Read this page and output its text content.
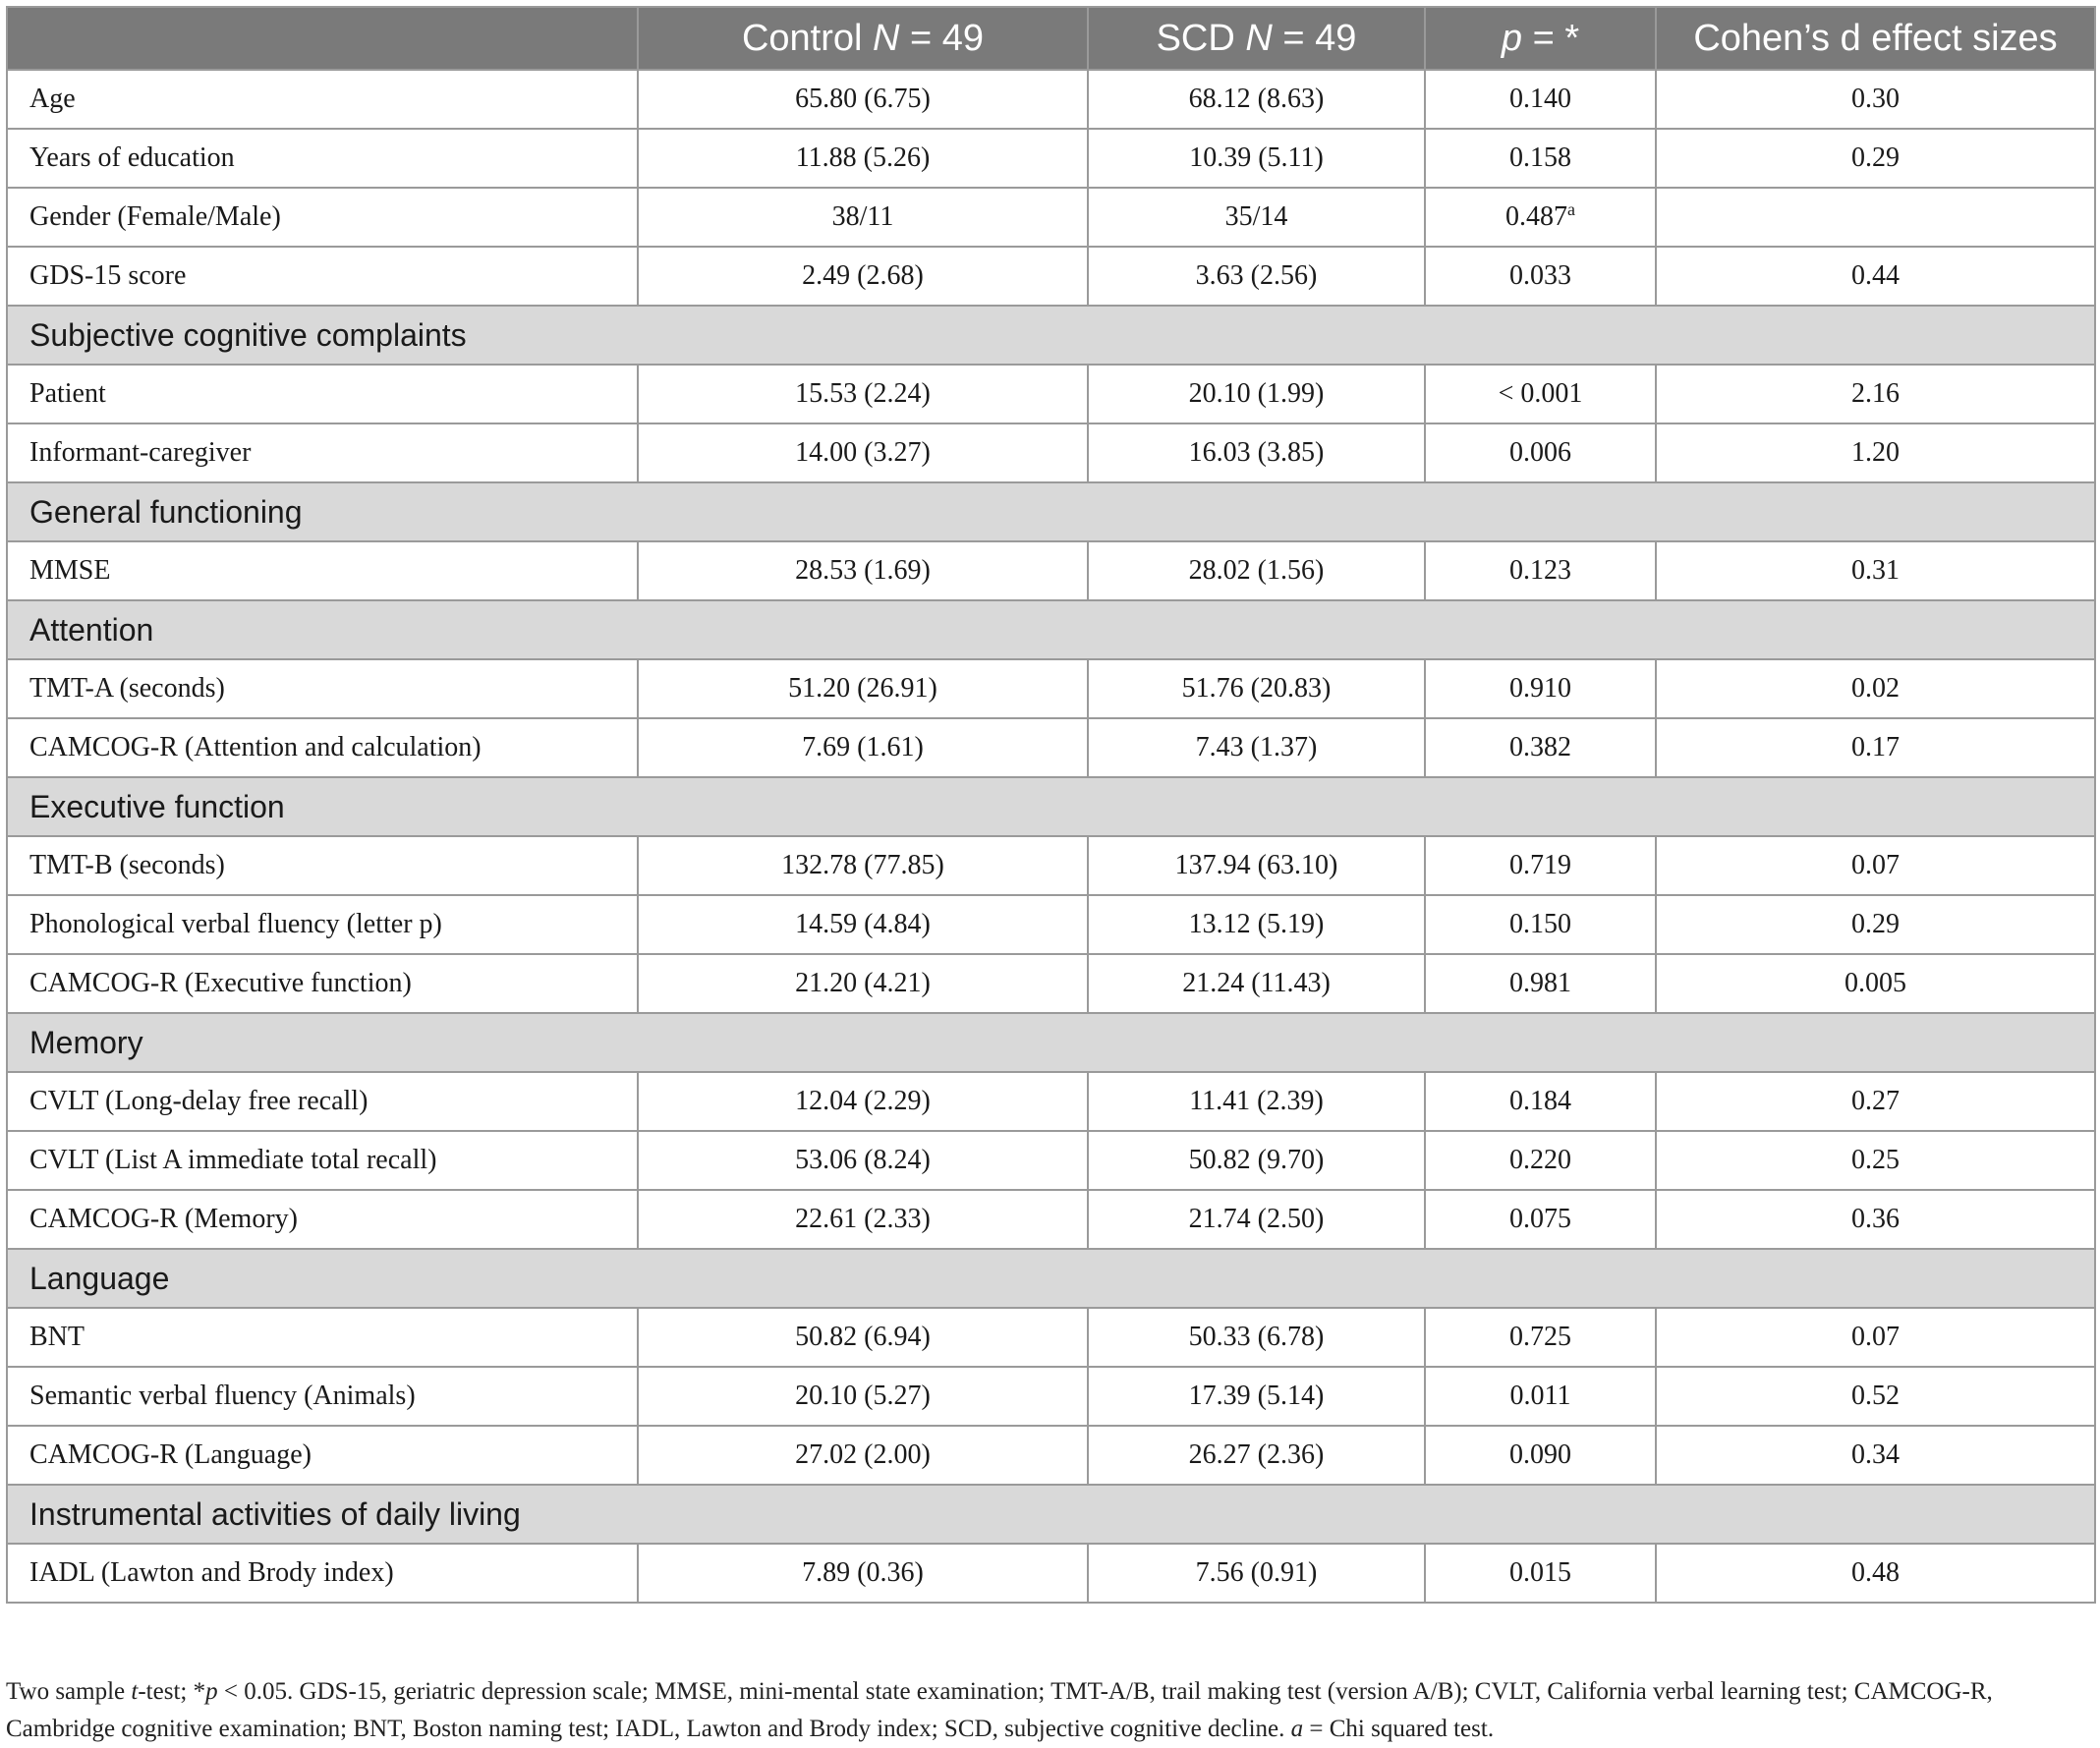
	Control N = 49	SCD N = 49	p = *	Cohen’s d effect sizes
Age	65.80 (6.75)	68.12 (8.63)	0.140	0.30
Years of education	11.88 (5.26)	10.39 (5.11)	0.158	0.29
Gender (Female/Male)	38/11	35/14	0.487$^a$	
GDS-15 score	2.49 (2.68)	3.63 (2.56)	0.033	0.44
Subjective cognitive complaints				
Patient	15.53 (2.24)	20.10 (1.99)	< 0.001	2.16
Informant-caregiver	14.00 (3.27)	16.03 (3.85)	0.006	1.20
General functioning				
MMSE	28.53 (1.69)	28.02 (1.56)	0.123	0.31
Attention				
TMT-A (seconds)	51.20 (26.91)	51.76 (20.83)	0.910	0.02
CAMCOG-R (Attention and calculation)	7.69 (1.61)	7.43 (1.37)	0.382	0.17
Executive function				
TMT-B (seconds)	132.78 (77.85)	137.94 (63.10)	0.719	0.07
Phonological verbal fluency (letter p)	14.59 (4.84)	13.12 (5.19)	0.150	0.29
CAMCOG-R (Executive function)	21.20 (4.21)	21.24 (11.43)	0.981	0.005
Memory				
CVLT (Long-delay free recall)	12.04 (2.29)	11.41 (2.39)	0.184	0.27
CVLT (List A immediate total recall)	53.06 (8.24)	50.82 (9.70)	0.220	0.25
CAMCOG-R (Memory)	22.61 (2.33)	21.74 (2.50)	0.075	0.36
Language				
BNT	50.82 (6.94)	50.33 (6.78)	0.725	0.07
Semantic verbal fluency (Animals)	20.10 (5.27)	17.39 (5.14)	0.011	0.52
CAMCOG-R (Language)	27.02 (2.00)	26.27 (2.36)	0.090	0.34
Instrumental activities of daily living				
IADL (Lawton and Brody index)	7.89 (0.36)	7.56 (0.91)	0.015	0.48
Two sample t-test; *p < 0.05. GDS-15, geriatric depression scale; MMSE, mini-mental state examination; TMT-A/B, trail making test (version A/B); CVLT, California verbal learning test; CAMCOG-R, Cambridge cognitive examination; BNT, Boston naming test; IADL, Lawton and Brody index; SCD, subjective cognitive decline. a = Chi squared test.
